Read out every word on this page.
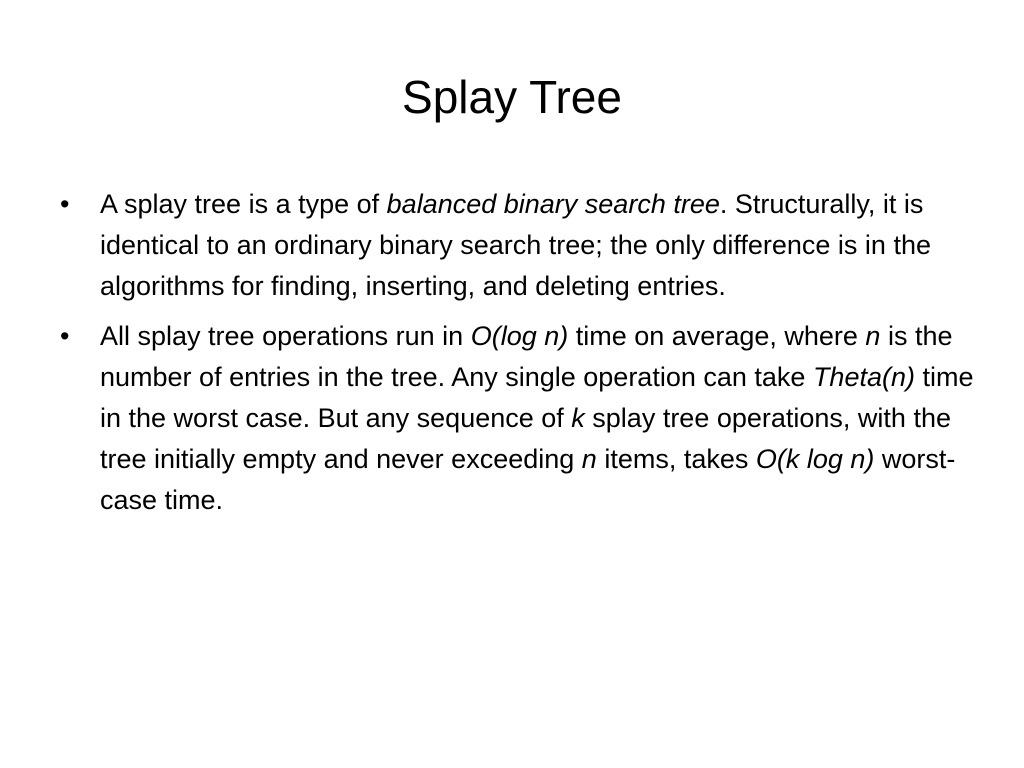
Splay Tree
• A splay tree is a type of balanced binary search tree. Structurally, it is identical to an ordinary binary search tree; the only difference is in the algorithms for finding, inserting, and deleting entries.
• All splay tree operations run in O(log n) time on average, where n is the number of entries in the tree. Any single operation can take Theta(n) time in the worst case. But any sequence of k splay tree operations, with the tree initially empty and never exceeding n items, takes O(k log n) worst-case time.
